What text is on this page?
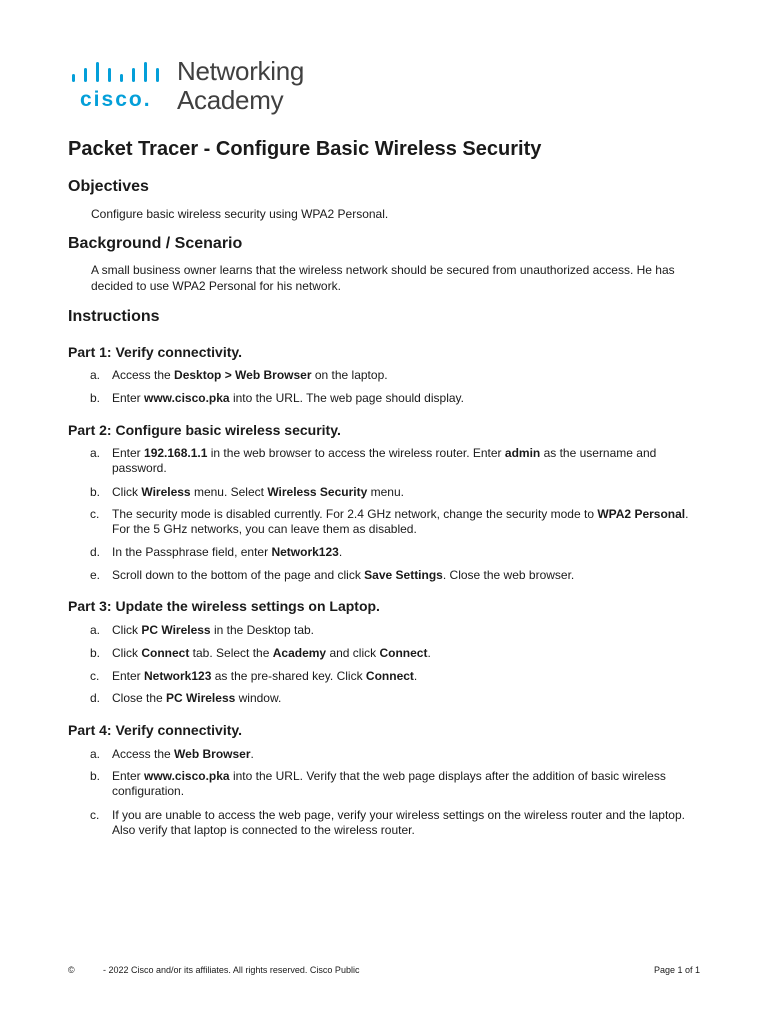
cisco.
Networking
Academy
Packet Tracer - Configure Basic Wireless Security
Objectives

Configure basic wireless security using WPA2 Personal.

Background / Scenario

A small business owner learns that the wireless network should be secured from unauthorized access. He has decided to use WPA2 Personal for his network.

Instructions
Part 1: Verify connectivity.
a. Access the Desktop > Web Browser on the laptop.
b. Enter www.cisco.pka into the URL. The web page should display.
Part 2: Configure basic wireless security.
a. Enter 192.168.1.1 in the web browser to access the wireless router. Enter admin as the username and password.
b. Click Wireless menu. Select Wireless Security menu.
c.	The security mode is disabled currently. For 2.4 GHz network, change the security mode to WPA2 Personal. For the 5 GHz networks, you can leave them as disabled.
d. In the Passphrase field, enter Network123.
e. Scroll down to the bottom of the page and click Save Settings. Close the web browser.
Part 3: Update the wireless settings on Laptop.
a. Click PC Wireless in the Desktop tab.
b. Click Connect tab. Select the Academy and click Connect.
c.	Enter Network123 as the pre-shared key. Click Connect.
d. Close the PC Wireless window.
Part 4: Verify connectivity.
a. Access the Web Browser.
b. Enter www.cisco.pka into the URL. Verify that the web page displays after the addition of basic wireless configuration.
c.	If you are unable to access the web page, verify your wireless settings on the wireless router and the laptop. Also verify that laptop is connected to the wireless router.
©	- 2022 Cisco and/or its affiliates. All rights reserved. Cisco Public	Page 1 of 1
